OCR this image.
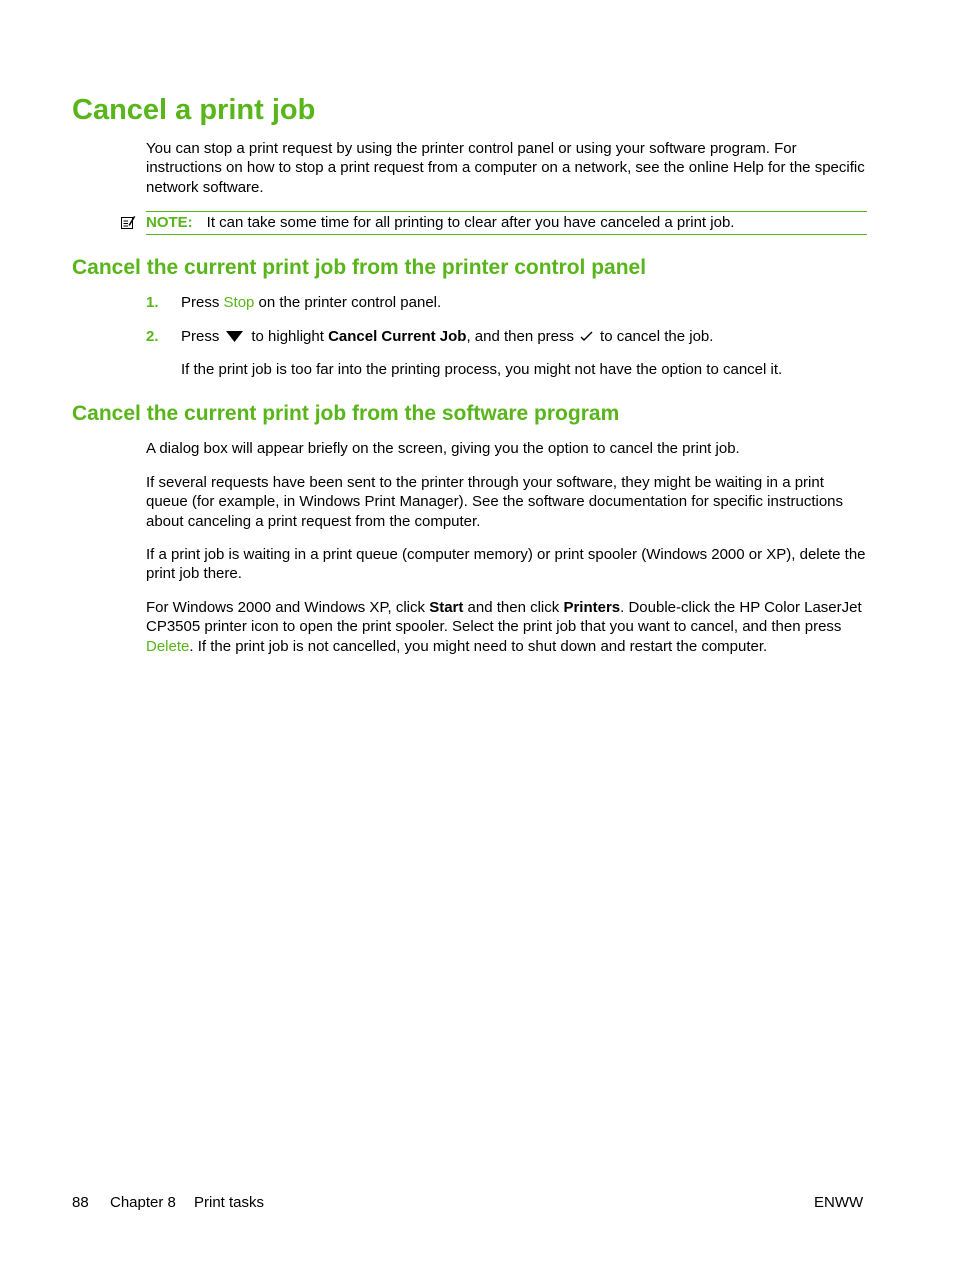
Cancel a print job

You can stop a print request by using the printer control panel or using your software program. For instructions on how to stop a print request from a computer on a network, see the online Help for the specific network software.

NOTE: It can take some time for all printing to clear after you have canceled a print job.
Cancel the current print job from the printer control panel
1. Press Stop on the printer control panel.
2. Press to highlight Cancel Current Job, and then press to cancel the job.
If the print job is too far into the printing process, you might not have the option to cancel it.
Cancel the current print job from the software program

A dialog box will appear briefly on the screen, giving you the option to cancel the print job.

If several requests have been sent to the printer through your software, they might be waiting in a print queue (for example, in Windows Print Manager). See the software documentation for specific instructions about canceling a print request from the computer.

If a print job is waiting in a print queue (computer memory) or print spooler (Windows 2000 or XP), delete the print job there.

For Windows 2000 and Windows XP, click Start and then click Printers. Double-click the HP Color LaserJet CP3505 printer icon to open the print spooler. Select the print job that you want to cancel, and then press Delete. If the print job is not cancelled, you might need to shut down and restart the computer.

88 Chapter 8 Print tasks	ENWW
